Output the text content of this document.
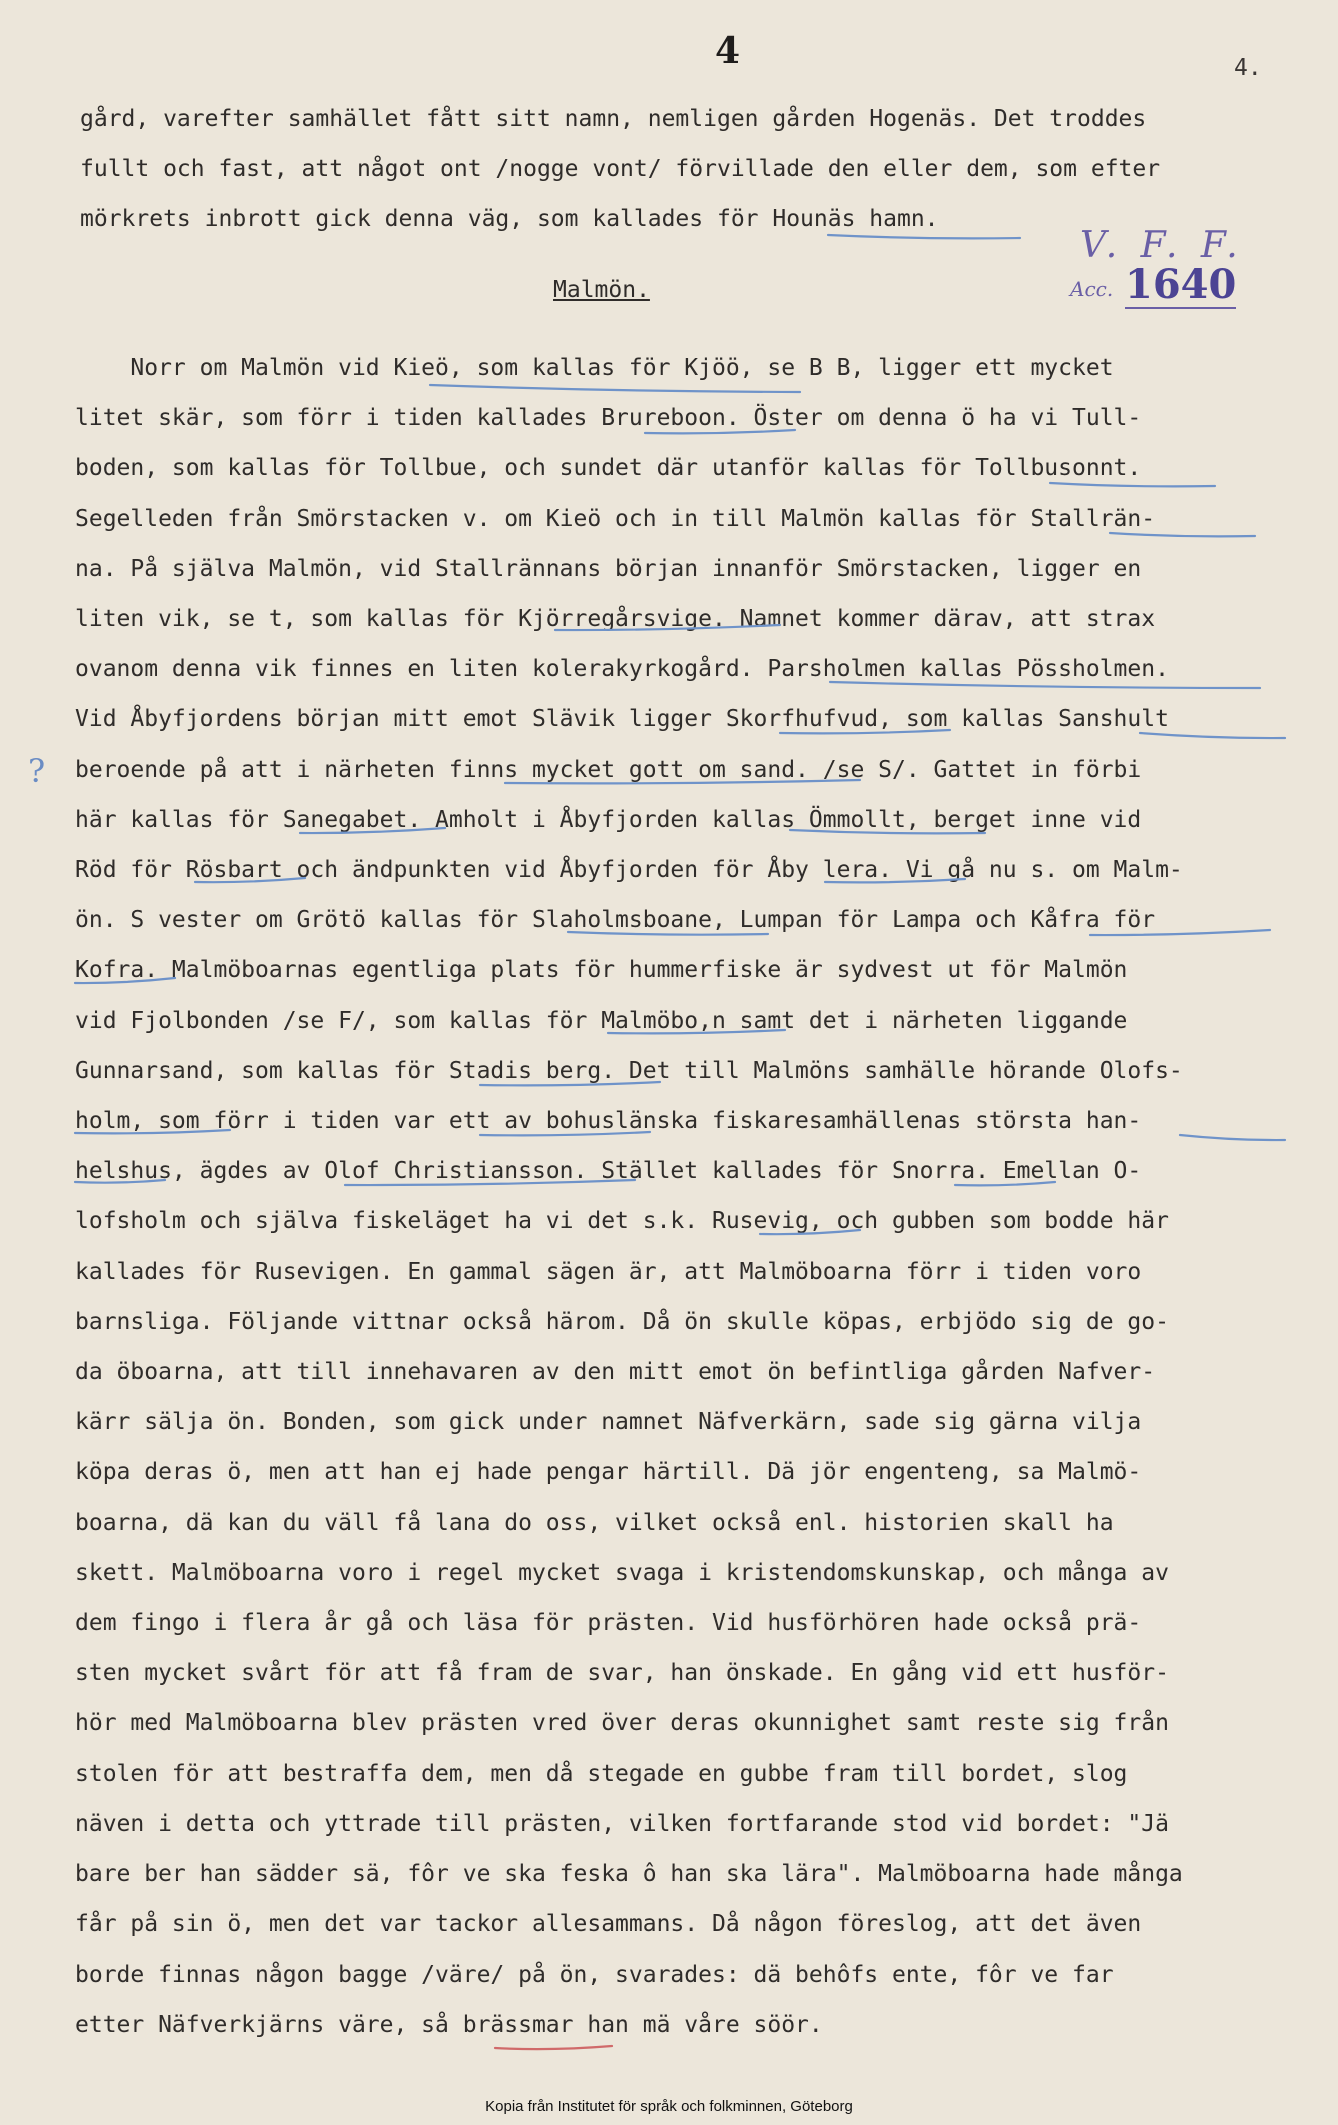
4	4.
V. F. F.
Acc. 1640
gård, varefter samhället fått sitt namn, nemligen gården Hogenäs. Det troddes
fullt och fast, att något ont /nogge vont/ förvillade den eller dem, som efter
mörkrets inbrott gick denna väg, som kallades för Hounäs hamn.
Malmön.
Norr om Malmön vid Kieö, som kallas för Kjöö, se B B, ligger ett mycket
litet skär, som förr i tiden kallades Brureboon. Öster om denna ö ha vi Tull-
boden, som kallas för Tollbue, och sundet där utanför kallas för Tollbusonnt.
Segelleden från Smörstacken v. om Kieö och in till Malmön kallas för Stallrän-
na. På själva Malmön, vid Stallrännans början innanför Smörstacken, ligger en
liten vik, se t, som kallas för Kjörregårsvige. Namnet kommer därav, att strax
ovanom denna vik finnes en liten kolerakyrkogård. Parsholmen kallas Pössholmen.
Vid Åbyfjordens början mitt emot Slävik ligger Skorfhufvud, som kallas Sanshult
beroende på att i närheten finns mycket gott om sand. /se S/. Gattet in förbi
här kallas för Sanegabet. Amholt i Åbyfjorden kallas Ömmollt, berget inne vid
Röd för Rösbart och ändpunkten vid Åbyfjorden för Åby lera. Vi gå nu s. om Malm-
ön. S vester om Grötö kallas för Slaholmsboane, Lumpan för Lampa och Kåfra för
Kofra. Malmöboarnas egentliga plats för hummerfiske är sydvest ut för Malmön
vid Fjolbonden /se F/, som kallas för Malmöbo,n samt det i närheten liggande
Gunnarsand, som kallas för Stadis berg. Det till Malmöns samhälle hörande Olofs-
holm, som förr i tiden var ett av bohuslänska fiskaresamhällenas största han-
helshus, ägdes av Olof Christiansson. Stället kallades för Snorra. Emellan O-
lofsholm och själva fiskeläget ha vi det s.k. Rusevig, och gubben som bodde här
kallades för Rusevigen. En gammal sägen är, att Malmöboarna förr i tiden voro
barnsliga. Följande vittnar också härom. Då ön skulle köpas, erbjödo sig de go-
da öboarna, att till innehavaren av den mitt emot ön befintliga gården Nafver-
kärr sälja ön. Bonden, som gick under namnet Näfverkärn, sade sig gärna vilja
köpa deras ö, men att han ej hade pengar härtill. Dä jör engenteng, sa Malmö-
boarna, dä kan du väll få lana do oss, vilket också enl. historien skall ha
skett. Malmöboarna voro i regel mycket svaga i kristendomskunskap, och många av
dem fingo i flera år gå och läsa för prästen. Vid husförhören hade också prä-
sten mycket svårt för att få fram de svar, han önskade. En gång vid ett husför-
hör med Malmöboarna blev prästen vred över deras okunnighet samt reste sig från
stolen för att bestraffa dem, men då stegade en gubbe fram till bordet, slog
näven i detta och yttrade till prästen, vilken fortfarande stod vid bordet: "Jä
bare ber han sädder sä, fôr ve ska feska ô han ska lära". Malmöboarna hade många
får på sin ö, men det var tackor allesammans. Då någon föreslog, att det även
borde finnas någon bagge /väre/ på ön, svarades: dä behôfs ente, fôr ve far
etter Näfverkjärns väre, så brässmar han mä våre söör.
?
Kopia från Institutet för språk och folkminnen, Göteborg
